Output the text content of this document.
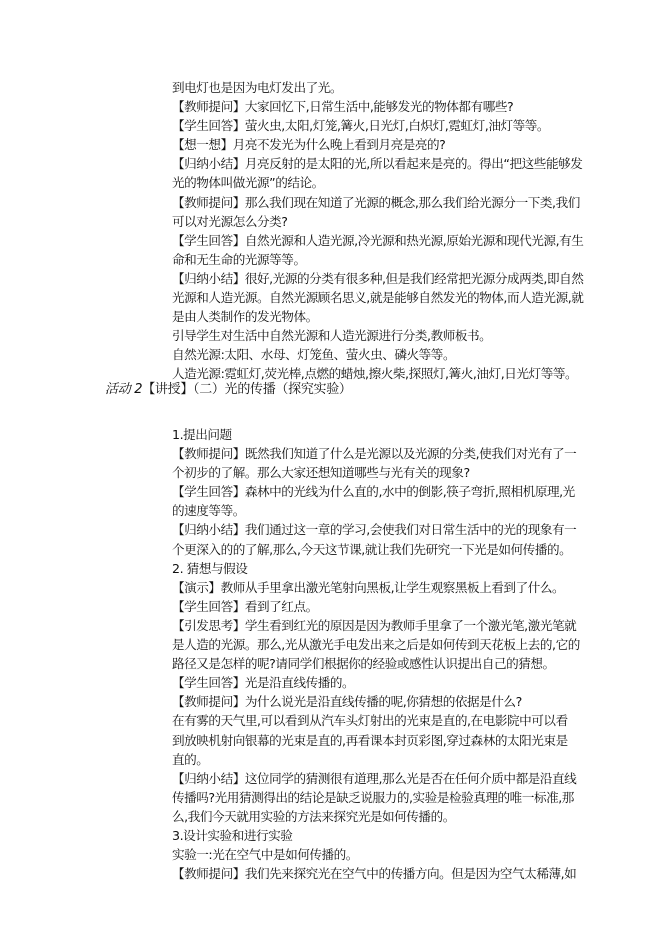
到电灯也是因为电灯发出了光。
【教师提问】大家回忆下,日常生活中,能够发光的物体都有哪些?
【学生回答】萤火虫,太阳,灯笼,篝火,日光灯,白炽灯,霓虹灯,油灯等等。
【想一想】月亮不发光为什么晚上看到月亮是亮的?
【归纳小结】月亮反射的是太阳的光,所以看起来是亮的。得出“把这些能够发
光的物体叫做光源”的结论。
【教师提问】那么我们现在知道了光源的概念,那么我们给光源分一下类,我们
可以对光源怎么分类?
【学生回答】自然光源和人造光源,冷光源和热光源,原始光源和现代光源,有生
命和无生命的光源等等。
【归纳小结】很好,光源的分类有很多种,但是我们经常把光源分成两类,即自然
光源和人造光源。自然光源顾名思义,就是能够自然发光的物体,而人造光源,就
是由人类制作的发光物体。
引导学生对生活中自然光源和人造光源进行分类,教师板书。
自然光源:太阳、水母、灯笼鱼、萤火虫、磷火等等。
人造光源:霓虹灯,荧光棒,点燃的蜡烛,擦火柴,探照灯,篝火,油灯,日光灯等等。
活动 2【讲授】（二）光的传播（探究实验）
1.提出问题
【教师提问】既然我们知道了什么是光源以及光源的分类,使我们对光有了一
个初步的了解。那么大家还想知道哪些与光有关的现象?
【学生回答】森林中的光线为什么直的,水中的倒影,筷子弯折,照相机原理,光
的速度等等。
【归纳小结】我们通过这一章的学习,会使我们对日常生活中的光的现象有一
个更深入的的了解,那么,今天这节课,就让我们先研究一下光是如何传播的。
2. 猜想与假设
【演示】教师从手里拿出激光笔射向黑板,让学生观察黑板上看到了什么。
【学生回答】看到了红点。
【引发思考】学生看到红光的原因是因为教师手里拿了一个激光笔,激光笔就
是人造的光源。那么,光从激光手电发出来之后是如何传到天花板上去的,它的
路径又是怎样的呢?请同学们根据你的经验或感性认识提出自己的猜想。
【学生回答】光是沿直线传播的。
【教师提问】为什么说光是沿直线传播的呢,你猜想的依据是什么?
在有雾的天气里,可以看到从汽车头灯射出的光束是直的,在电影院中可以看
到放映机射向银幕的光束是直的,再看课本封页彩图,穿过森林的太阳光束是
直的。
【归纳小结】这位同学的猜测很有道理,那么光是否在任何介质中都是沿直线
传播吗?光用猜测得出的结论是缺乏说服力的,实验是检验真理的唯一标准,那
么,我们今天就用实验的方法来探究光是如何传播的。
3.设计实验和进行实验
实验一:光在空气中是如何传播的。
【教师提问】我们先来探究光在空气中的传播方向。但是因为空气太稀薄,如
